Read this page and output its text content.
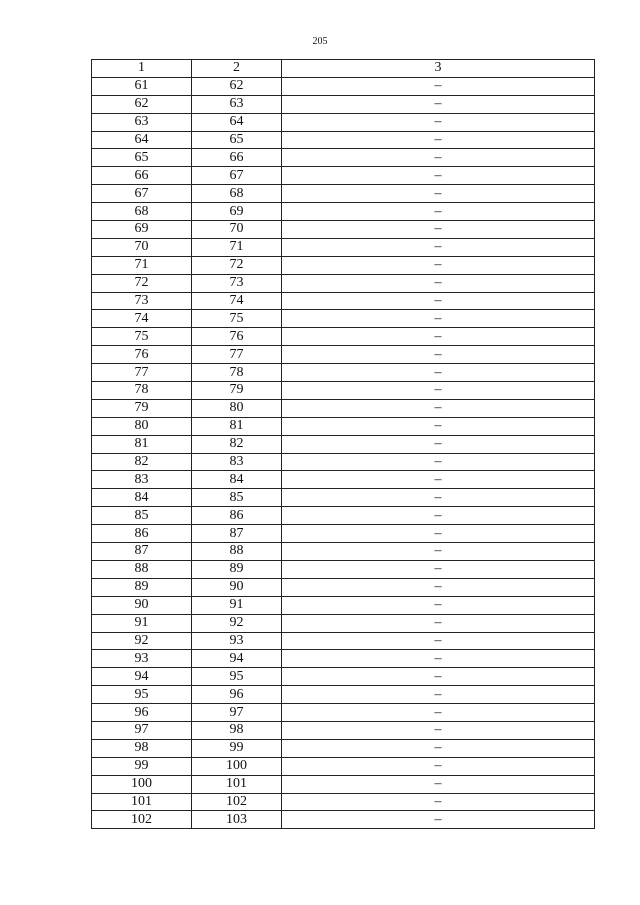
205
1	2	3
61	62	–
62	63	–
63	64	–
64	65	–
65	66	–
66	67	–
67	68	–
68	69	–
69	70	–
70	71	–
71	72	–
72	73	–
73	74	–
74	75	–
75	76	–
76	77	–
77	78	–
78	79	–
79	80	–
80	81	–
81	82	–
82	83	–
83	84	–
84	85	–
85	86	–
86	87	–
87	88	–
88	89	–
89	90	–
90	91	–
91	92	–
92	93	–
93	94	–
94	95	–
95	96	–
96	97	–
97	98	–
98	99	–
99	100	–
100	101	–
101	102	–
102	103	–
